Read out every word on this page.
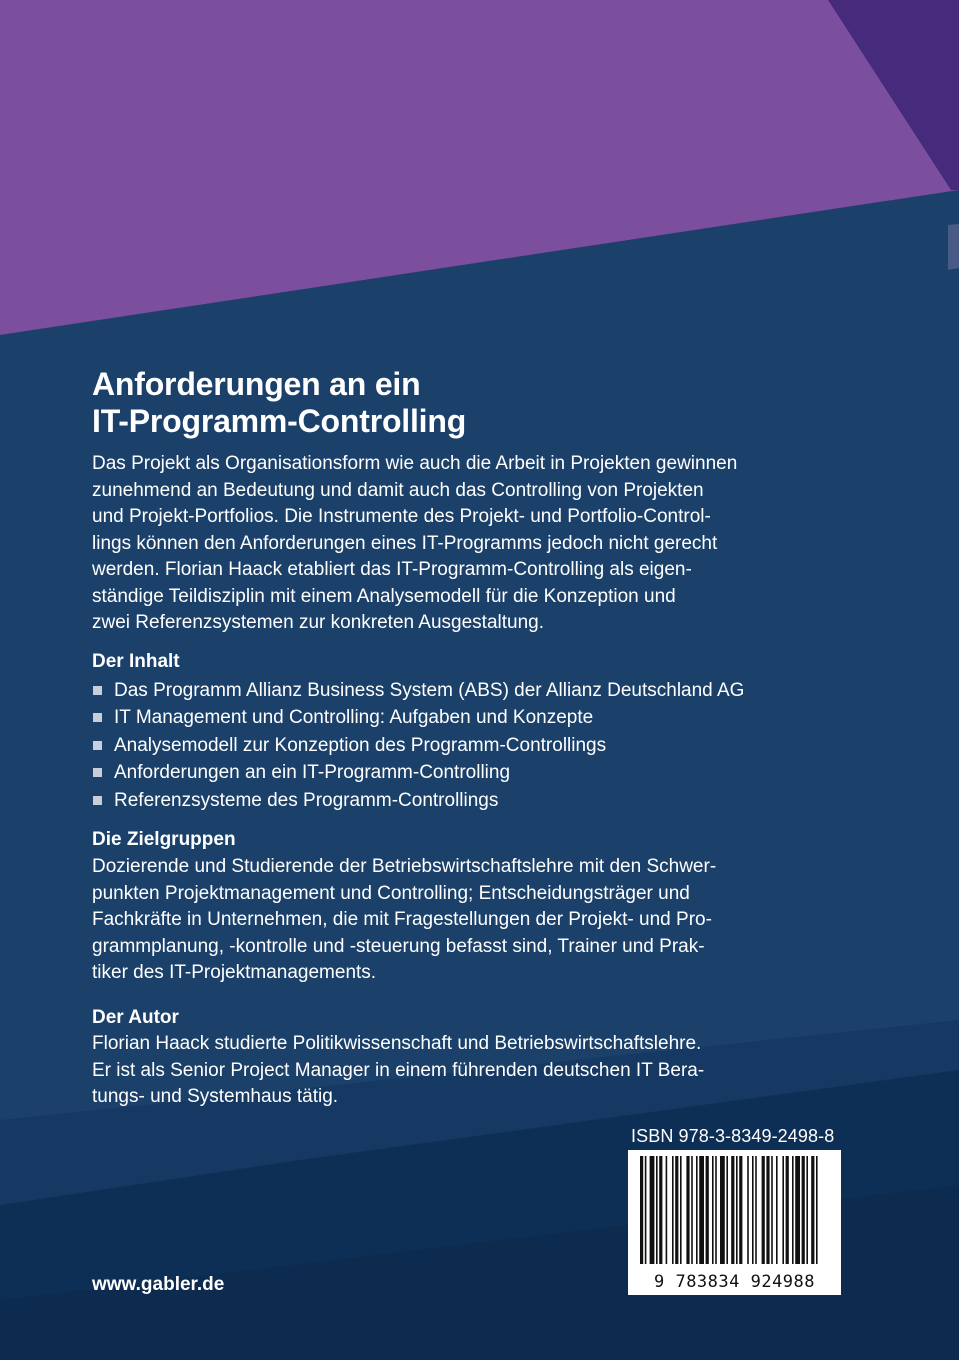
Anforderungen an ein
IT-Programm-Controlling

Das Projekt als Organisationsform wie auch die Arbeit in Projekten gewinnen
zunehmend an Bedeutung und damit auch das Controlling von Projekten
und Projekt-Portfolios. Die Instrumente des Projekt- und Portfolio-Control-
lings können den Anforderungen eines IT-Programms jedoch nicht gerecht
werden. Florian Haack etabliert das IT-Programm-Controlling als eigen-
ständige Teildisziplin mit einem Analysemodell für die Konzeption und
zwei Referenzsystemen zur konkreten Ausgestaltung.

Der Inhalt
Das Programm Allianz Business System (ABS) der Allianz Deutschland AG
IT Management und Controlling: Aufgaben und Konzepte
Analysemodell zur Konzeption des Programm-Controllings
Anforderungen an ein IT-Programm-Controlling
Referenzsysteme des Programm-Controllings
Die Zielgruppen

Dozierende und Studierende der Betriebswirtschaftslehre mit den Schwer-
punkten Projektmanagement und Controlling; Entscheidungsträger und
Fachkräfte in Unternehmen, die mit Fragestellungen der Projekt- und Pro-
grammplanung, -kontrolle und -steuerung befasst sind, Trainer und Prak-
tiker des IT-Projektmanagements.

Der Autor

Florian Haack studierte Politikwissenschaft und Betriebswirtschaftslehre.
Er ist als Senior Project Manager in einem führenden deutschen IT Bera-
tungs- und Systemhaus tätig.

ISBN 978-3-8349-2498-8
9 783834 924988
www.gabler.de
